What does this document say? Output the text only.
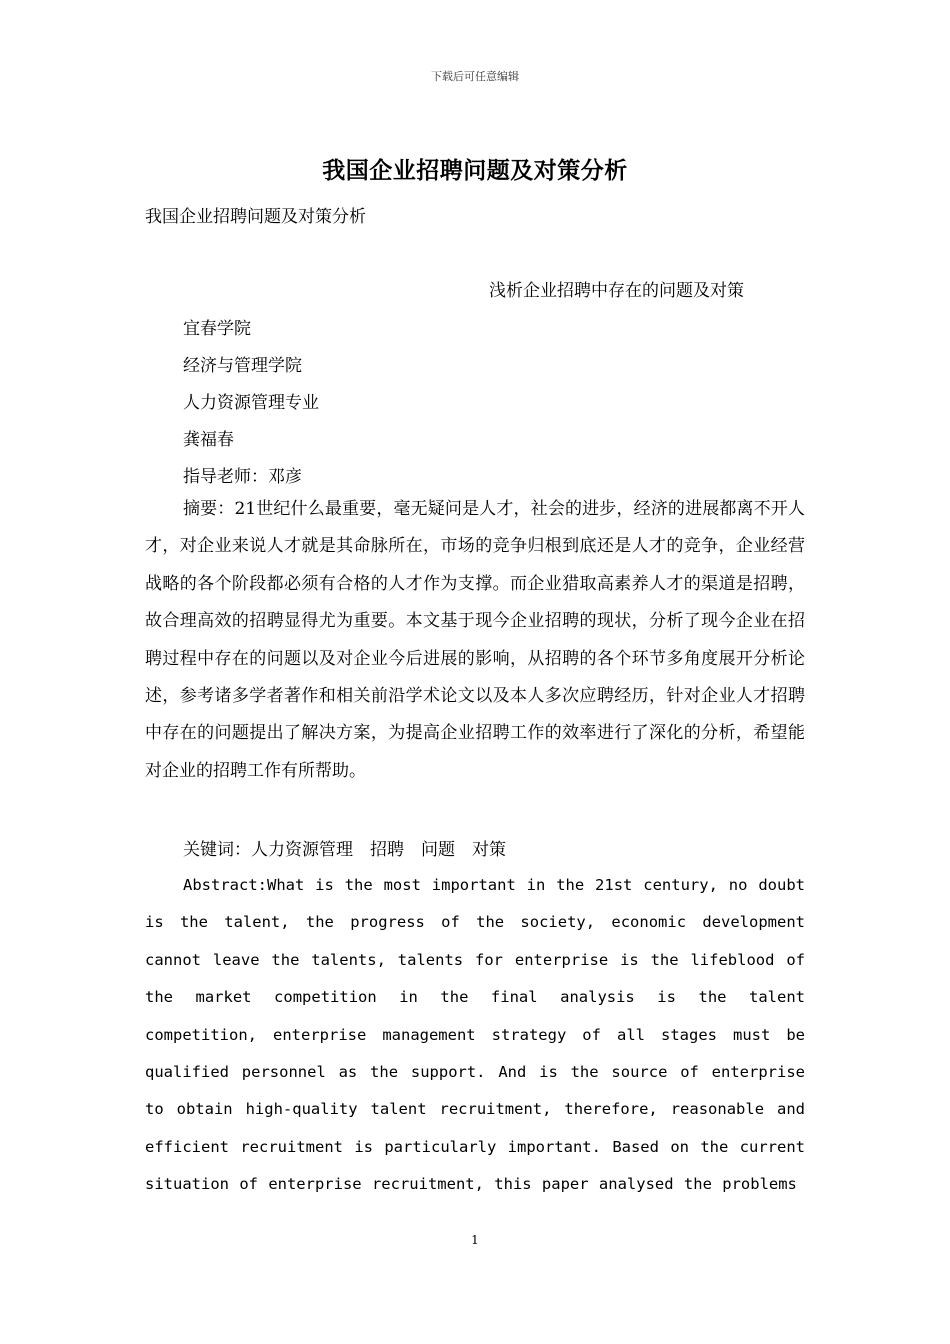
下载后可任意编辑
我国企业招聘问题及对策分析
我国企业招聘问题及对策分析
浅析企业招聘中存在的问题及对策
宜春学院
经济与管理学院
人力资源管理专业
龚福春
指导老师：邓彦
摘要：21世纪什么最重要，毫无疑问是人才，社会的进步，经济的进展都离不开人才，对企业来说人才就是其命脉所在，市场的竞争归根到底还是人才的竞争，企业经营战略的各个阶段都必须有合格的人才作为支撑。而企业猎取高素养人才的渠道是招聘，故合理高效的招聘显得尤为重要。本文基于现今企业招聘的现状，分析了现今企业在招聘过程中存在的问题以及对企业今后进展的影响，从招聘的各个环节多角度展开分析论述，参考诸多学者著作和相关前沿学术论文以及本人多次应聘经历，针对企业人才招聘中存在的问题提出了解决方案，为提高企业招聘工作的效率进行了深化的分析，希望能对企业的招聘工作有所帮助。
关键词：人力资源管理　招聘　问题　对策
Abstract:What is the most important in the 21st century, no doubt is the talent, the progress of the society, economic development cannot leave the talents, talents for enterprise is the lifeblood of the market competition in the final analysis is the talent competition, enterprise management strategy of all stages must be qualified personnel as the support. And is the source of enterprise to obtain high-quality talent recruitment, therefore, reasonable and efficient recruitment is particularly important. Based on the current situation of enterprise recruitment, this paper analysed the problems
1
